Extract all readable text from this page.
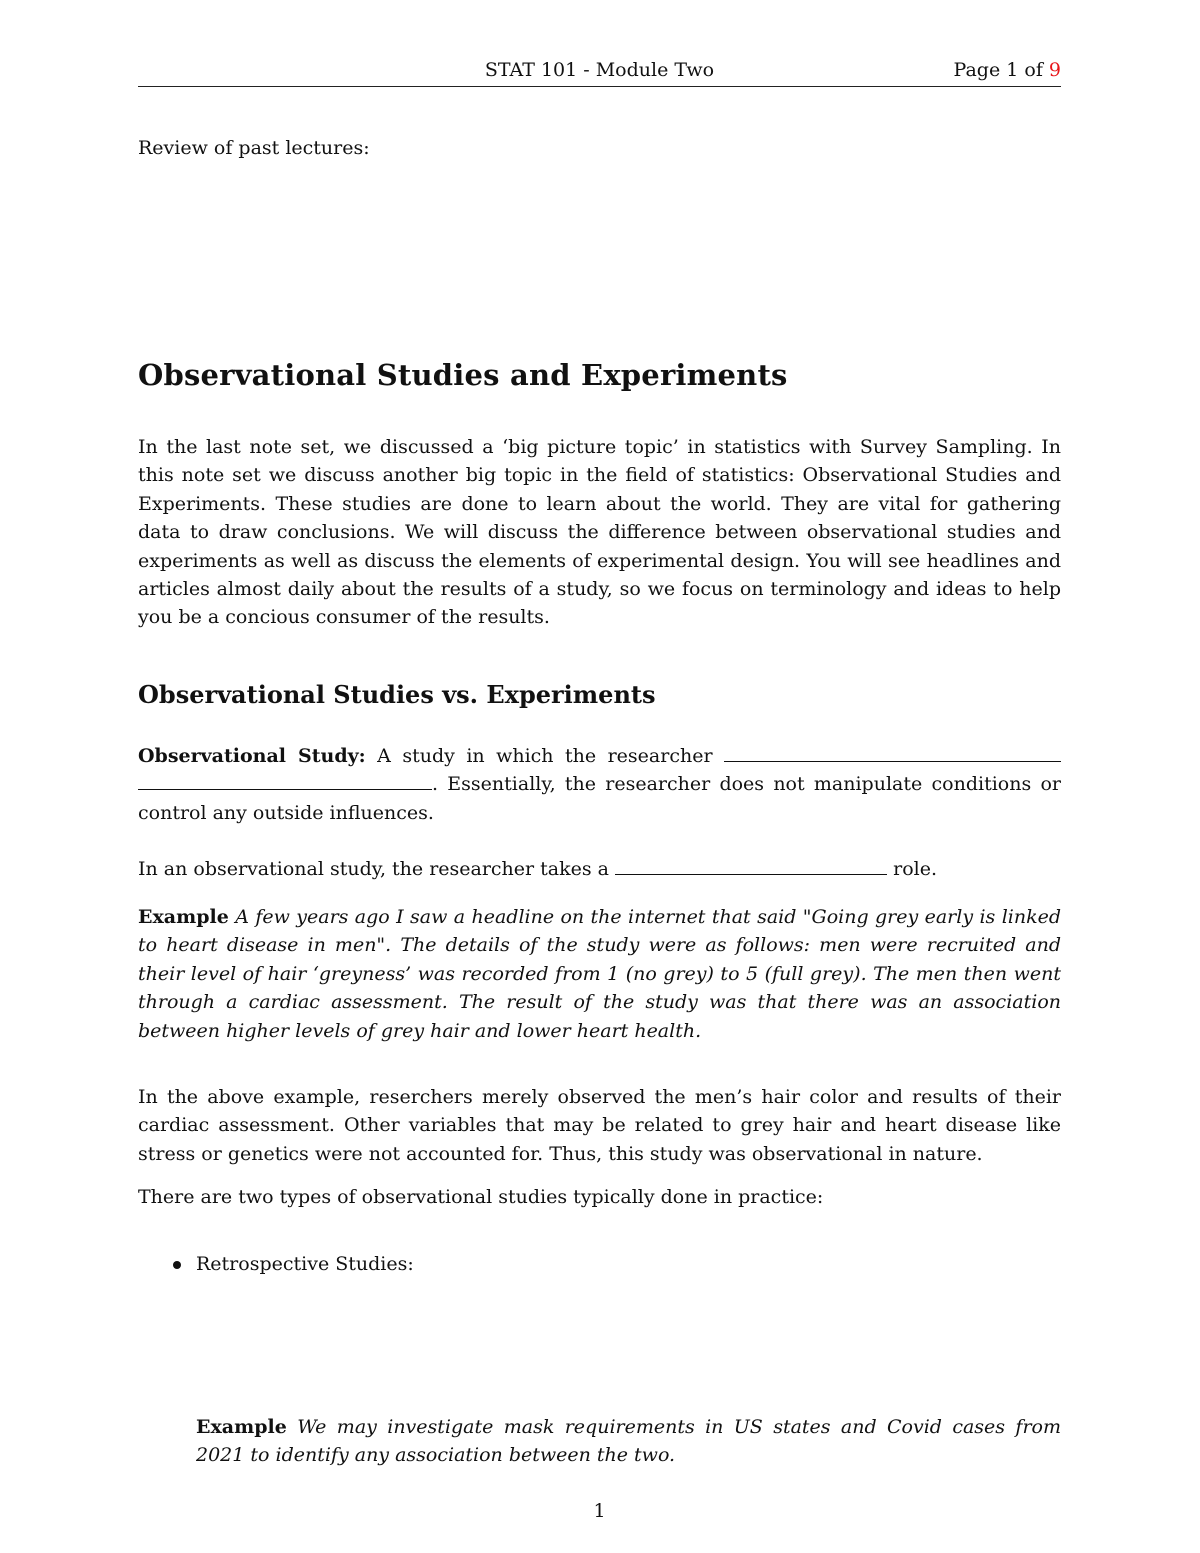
STAT 101 - Module Two	Page 1 of 9
Review of past lectures:
Observational Studies and Experiments
In the last note set, we discussed a ‘big picture topic’ in statistics with Survey Sampling. In this note set we discuss another big topic in the field of statistics: Observational Studies and Experiments. These studies are done to learn about the world. They are vital for gathering data to draw conclusions. We will discuss the difference between observational studies and experiments as well as discuss the elements of experimental design. You will see headlines and articles almost daily about the results of a study, so we focus on terminology and ideas to help you be a concious consumer of the results.
Observational Studies vs. Experiments
Observational Study: A study in which the researcher  . Essentially, the researcher does not manipulate conditions or control any outside influences.
In an observational study, the researcher takes a	role.
Example A few years ago I saw a headline on the internet that said "Going grey early is linked to heart disease in men". The details of the study were as follows: men were recruited and their level of hair ‘greyness’ was recorded from 1 (no grey) to 5 (full grey). The men then went through a cardiac assessment. The result of the study was that there was an association between higher levels of grey hair and lower heart health.
In the above example, reserchers merely observed the men’s hair color and results of their cardiac assessment. Other variables that may be related to grey hair and heart disease like stress or genetics were not accounted for. Thus, this study was observational in nature.
There are two types of observational studies typically done in practice:
Retrospective Studies:
Example We may investigate mask requirements in US states and Covid cases from 2021 to identify any association between the two.
1
